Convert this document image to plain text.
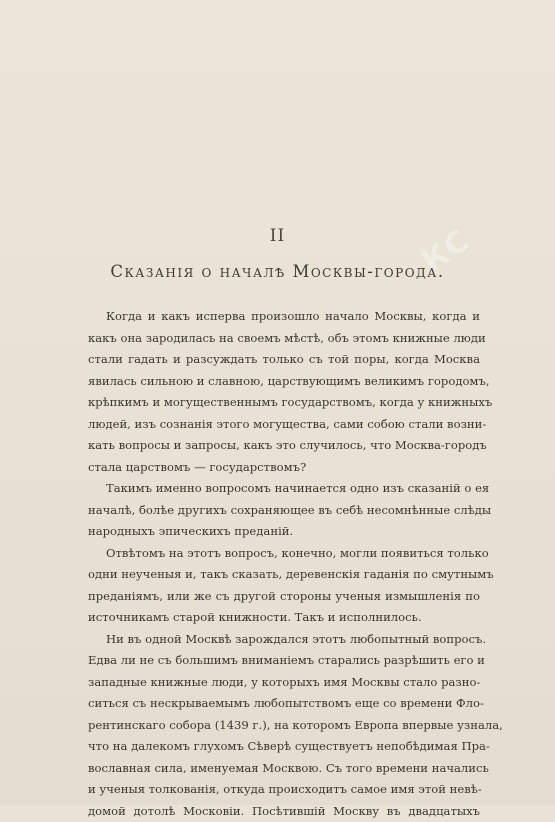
КС
II
Сказанія о началѣ Москвы-города.
Когда и какъ исперва произошло начало Москвы, когда и
какъ она зародилась на своемъ мѣстѣ, объ этомъ книжные люди
стали гадать и разсуждать только съ той поры, когда Москва
явилась сильною и славною, царствующимъ великимъ городомъ,
крѣпкимъ и могущественнымъ государствомъ, когда у книжныхъ
людей, изъ сознанія этого могущества, сами собою стали возни-
кать вопросы и запросы, какъ это случилось, что Москва-городъ
стала царствомъ — государствомъ?
Такимъ именно вопросомъ начинается одно изъ сказаній о ея
началѣ, болѣе другихъ сохраняющее въ себѣ несомнѣнные слѣды
народныхъ эпическихъ преданій.
Отвѣтомъ на этотъ вопросъ, конечно, могли появиться только
одни неученыя и, такъ сказать, деревенскія гаданія по смутнымъ
преданіямъ, или же съ другой стороны ученыя измышленія по
источникамъ старой книжности. Такъ и исполнилось.
Ни въ одной Москвѣ зарождался этотъ любопытный вопросъ.
Едва ли не съ большимъ вниманіемъ старались разрѣшить его и
западные книжные люди, у которыхъ имя Москвы стало разно-
ситься съ нескрываемымъ любопытствомъ еще со времени Фло-
рентинскаго собора (1439 г.), на которомъ Европа впервые узнала,
что на далекомъ глухомъ Сѣверѣ существуетъ непобѣдимая Пра-
вославная сила, именуемая Москвою. Съ того времени начались
и ученыя толкованія, откуда происходитъ самое имя этой невѣ-
домой дотолѣ Московіи. Посѣтившій Москву въ двадцатыхъ
